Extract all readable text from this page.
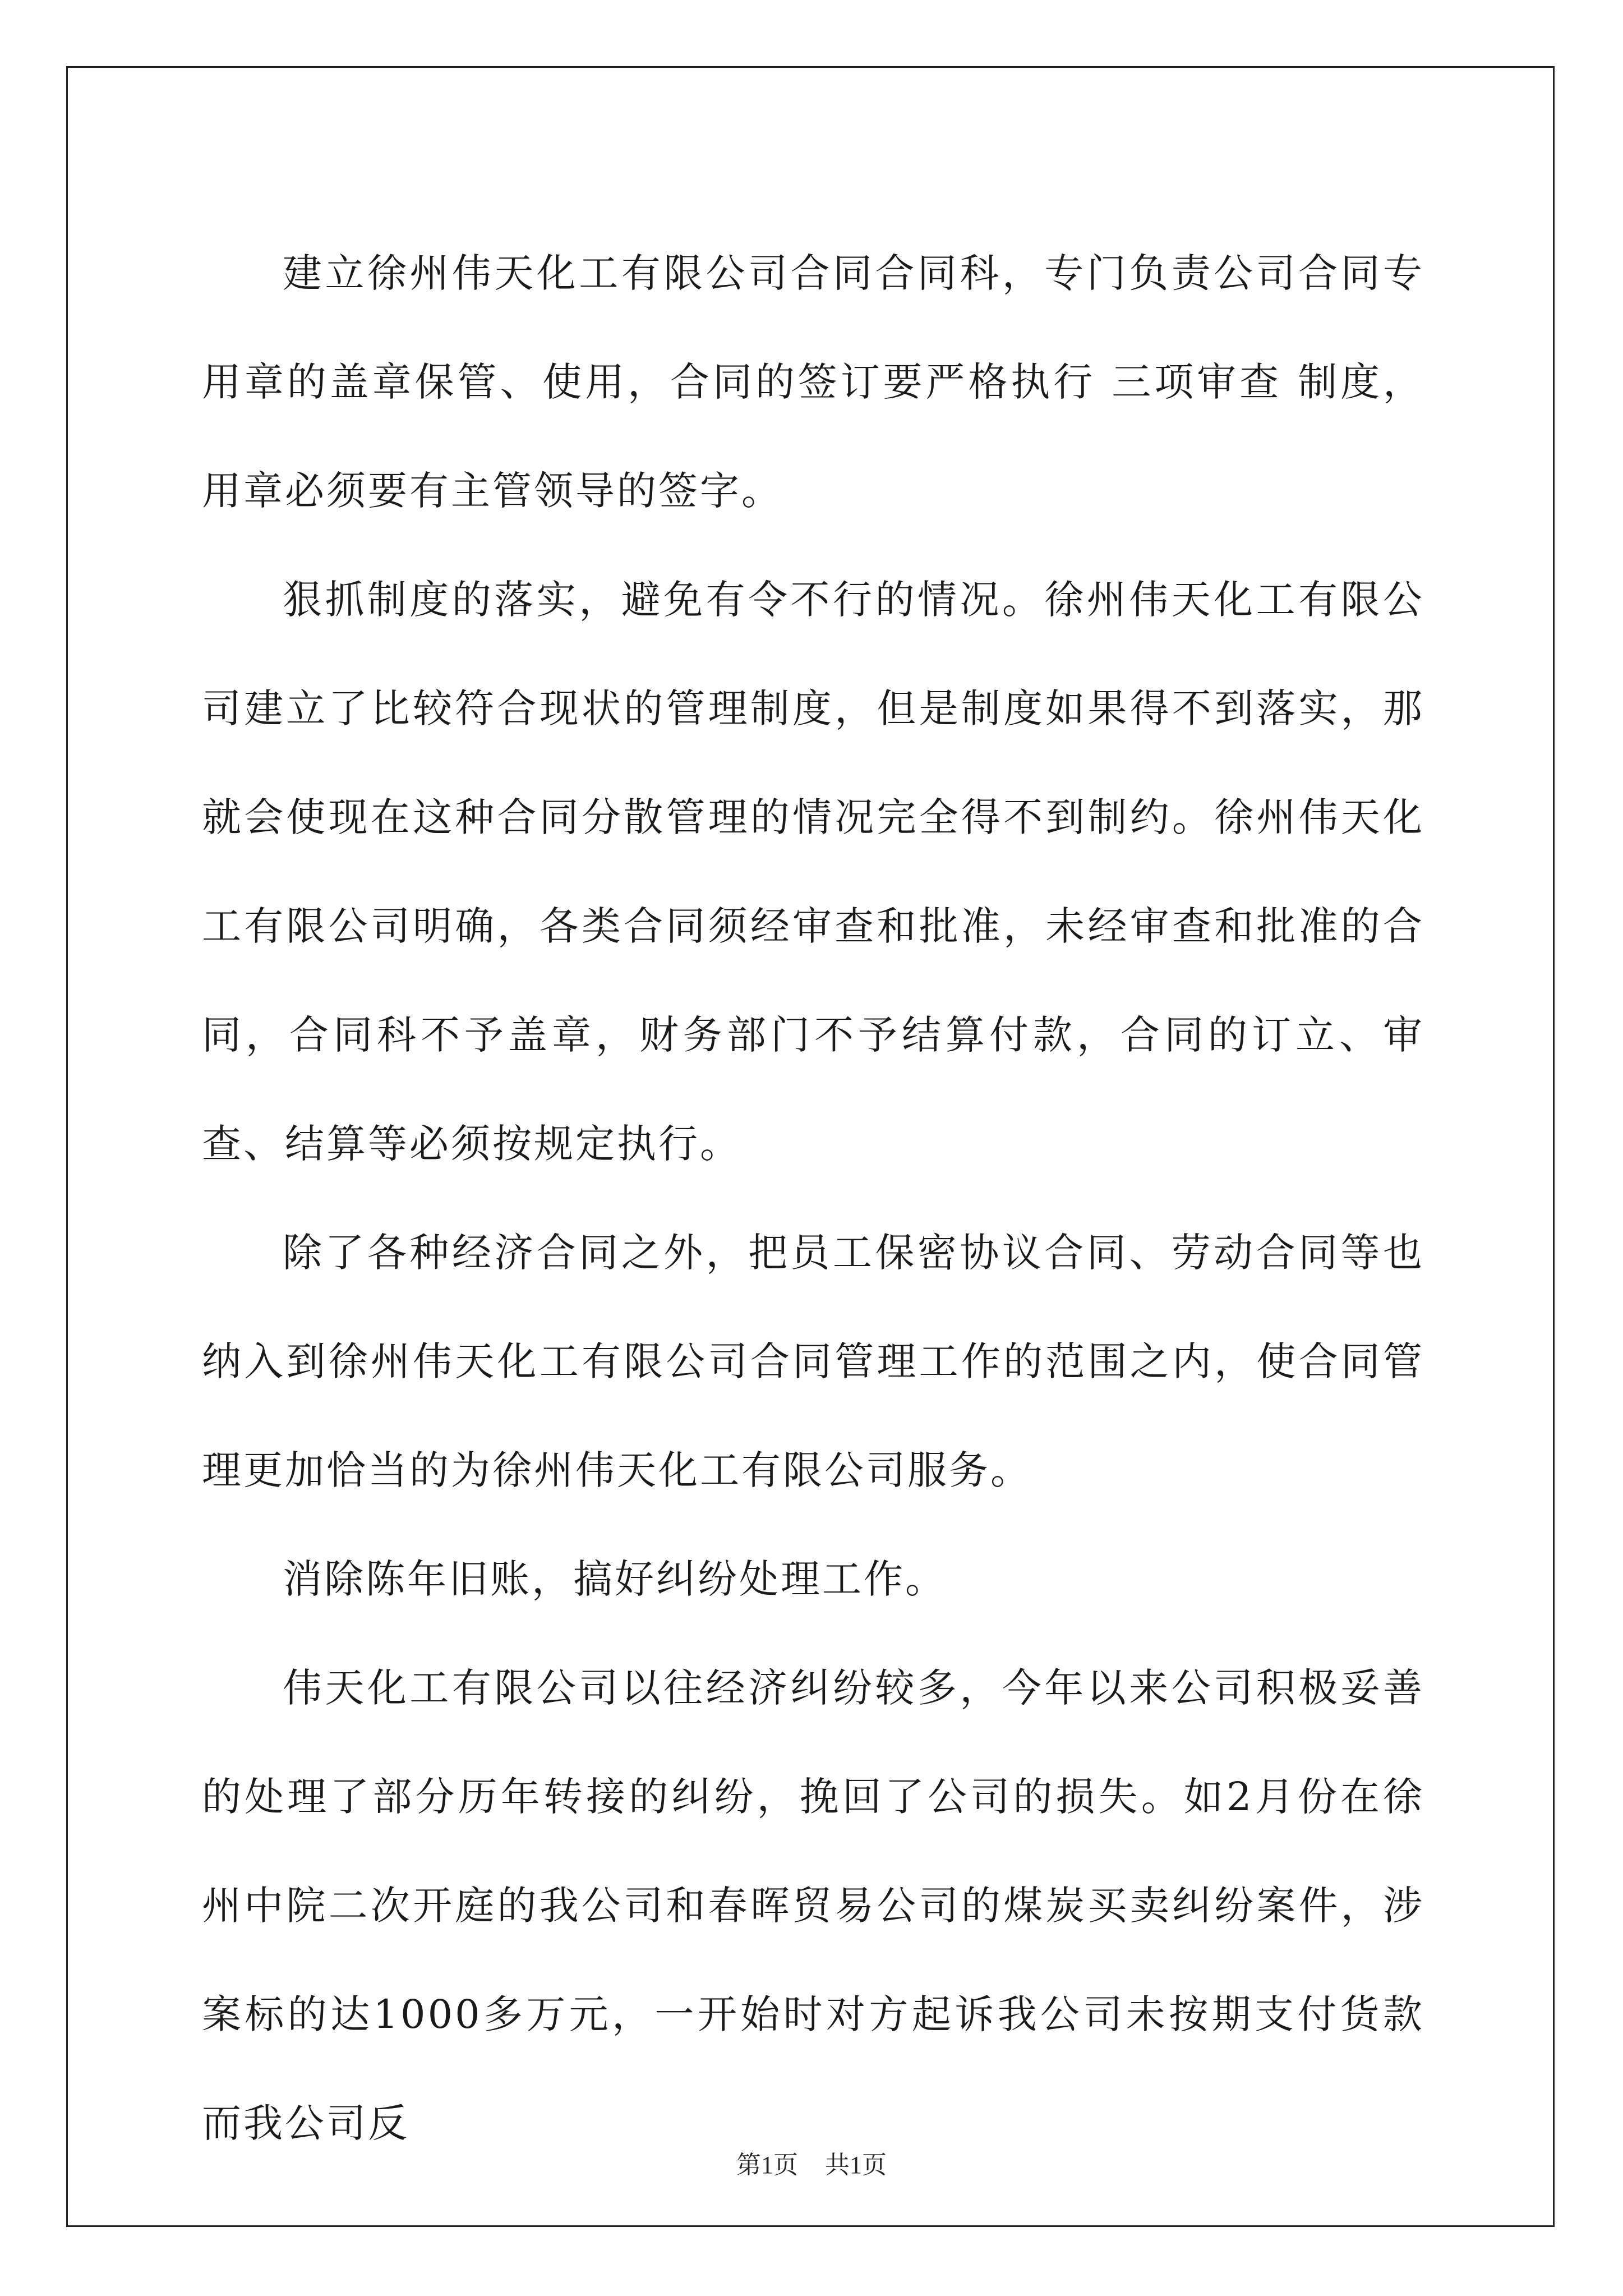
建立徐州伟天化工有限公司合同合同科，专门负责公司合同专用章的盖章保管、使用，合同的签订要严格执行 三项审查 制度，用章必须要有主管领导的签字。

狠抓制度的落实，避免有令不行的情况。徐州伟天化工有限公司建立了比较符合现状的管理制度，但是制度如果得不到落实，那就会使现在这种合同分散管理的情况完全得不到制约。徐州伟天化工有限公司明确，各类合同须经审查和批准，未经审查和批准的合同，合同科不予盖章，财务部门不予结算付款，合同的订立、审查、结算等必须按规定执行。

除了各种经济合同之外，把员工保密协议合同、劳动合同等也纳入到徐州伟天化工有限公司合同管理工作的范围之内，使合同管理更加恰当的为徐州伟天化工有限公司服务。

消除陈年旧账，搞好纠纷处理工作。

伟天化工有限公司以往经济纠纷较多，今年以来公司积极妥善的处理了部分历年转接的纠纷，挽回了公司的损失。如2月份在徐州中院二次开庭的我公司和春晖贸易公司的煤炭买卖纠纷案件，涉案标的达1000多万元，一开始时对方起诉我公司未按期支付货款而我公司反

第1页 共1页
